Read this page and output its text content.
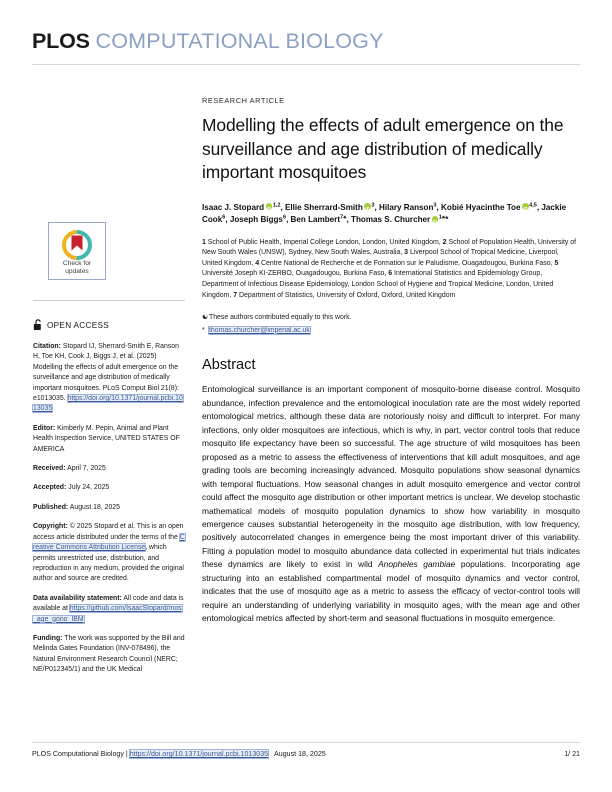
PLOS COMPUTATIONAL BIOLOGY
Check for
updates
OPEN ACCESS

Citation: Stopard IJ, Sherrard-Smith E, Ranson H, Toe KH, Cook J, Biggs J, et al. (2025) Modelling the effects of adult emergence on the surveillance and age distribution of medically important mosquitoes. PLoS Comput Biol 21(8): e1013035. https://doi.org/10.1371/journal.pcbi.1013035

Editor: Kimberly M. Pepin, Animal and Plant Health Inspection Service, UNITED STATES OF AMERICA

Received: April 7, 2025

Accepted: July 24, 2025

Published: August 18, 2025

Copyright: © 2025 Stopard et al. This is an open access article distributed under the terms of the Creative Commons Attribution License, which permits unrestricted use, distribution, and reproduction in any medium, provided the original author and source are credited.

Data availability statement: All code and data is available at https://github.com/IsaacStopard/mos_age_gono_IBM.

Funding: The work was supported by the Bill and Melinda Gates Foundation (INV-078496), the Natural Environment Research Council (NERC; NE/P012345/1) and the UK Medical

RESEARCH ARTICLE
Modelling the effects of adult emergence on the surveillance and age distribution of medically important mosquitoes
Isaac J. Stopard iD $^{1,2}$, Ellie Sherrard-Smith iD $^3$, Hilary Ranson$^3$, Kobié Hyacinthe ToeiD $^{4,5}$, Jackie Cook$^6$, Joseph Biggs$^6$, Ben Lambert$^{7⚹}$, Thomas S. Churcher iD $^{1⚹}$*
1 School of Public Health, Imperial College London, London, United Kingdom, 2 School of Population Health, University of New South Wales (UNSW), Sydney, New South Wales, Australia, 3 Liverpool School of Tropical Medicine, Liverpool, United Kingdom, 4 Centre National de Recherche et de Formation sur le Paludisme, Ouagadougou, Burkina Faso, 5 Université Joseph KI-ZERBO, Ouagadougou, Burkina Faso, 6 International Statistics and Epidemiology Group, Department of Infectious Disease Epidemiology, London School of Hygiene and Tropical Medicine, London, United Kingdom, 7 Department of Statistics, University of Oxford, Oxford, United Kingdom
☯These authors contributed equally to this work.
* thomas.churcher@imperial.ac.uk
Abstract
Entomological surveillance is an important component of mosquito-borne disease control. Mosquito abundance, infection prevalence and the entomological inoculation rate are the most widely reported entomological metrics, although these data are notoriously noisy and difficult to interpret. For many infections, only older mosquitoes are infectious, which is why, in part, vector control tools that reduce mosquito life expectancy have been so successful. The age structure of wild mosquitoes has been proposed as a metric to assess the effectiveness of interventions that kill adult mosquitoes, and age grading tools are becoming increasingly advanced. Mosquito populations show seasonal dynamics with temporal fluctuations. How seasonal changes in adult mosquito emergence and vector control could affect the mosquito age distribution or other important metrics is unclear. We develop stochastic mathematical models of mosquito population dynamics to show how variability in mosquito emergence causes substantial heterogeneity in the mosquito age distribution, with low frequency, positively autocorrelated changes in emergence being the most important driver of this variability. Fitting a population model to mosquito abundance data collected in experimental hut trials indicates these dynamics are likely to exist in wild Anopheles gambiae populations. Incorporating age structuring into an established compartmental model of mosquito dynamics and vector control, indicates that the use of mosquito age as a metric to assess the efficacy of vector-control tools will require an understanding of underlying variability in mosquito ages, with the mean age and other entomological metrics affected by short-term and seasonal fluctuations in mosquito emergence.
PLOS Computational Biology | https://doi.org/10.1371/journal.pcbi.1013035 August 18, 2025	1/ 21
